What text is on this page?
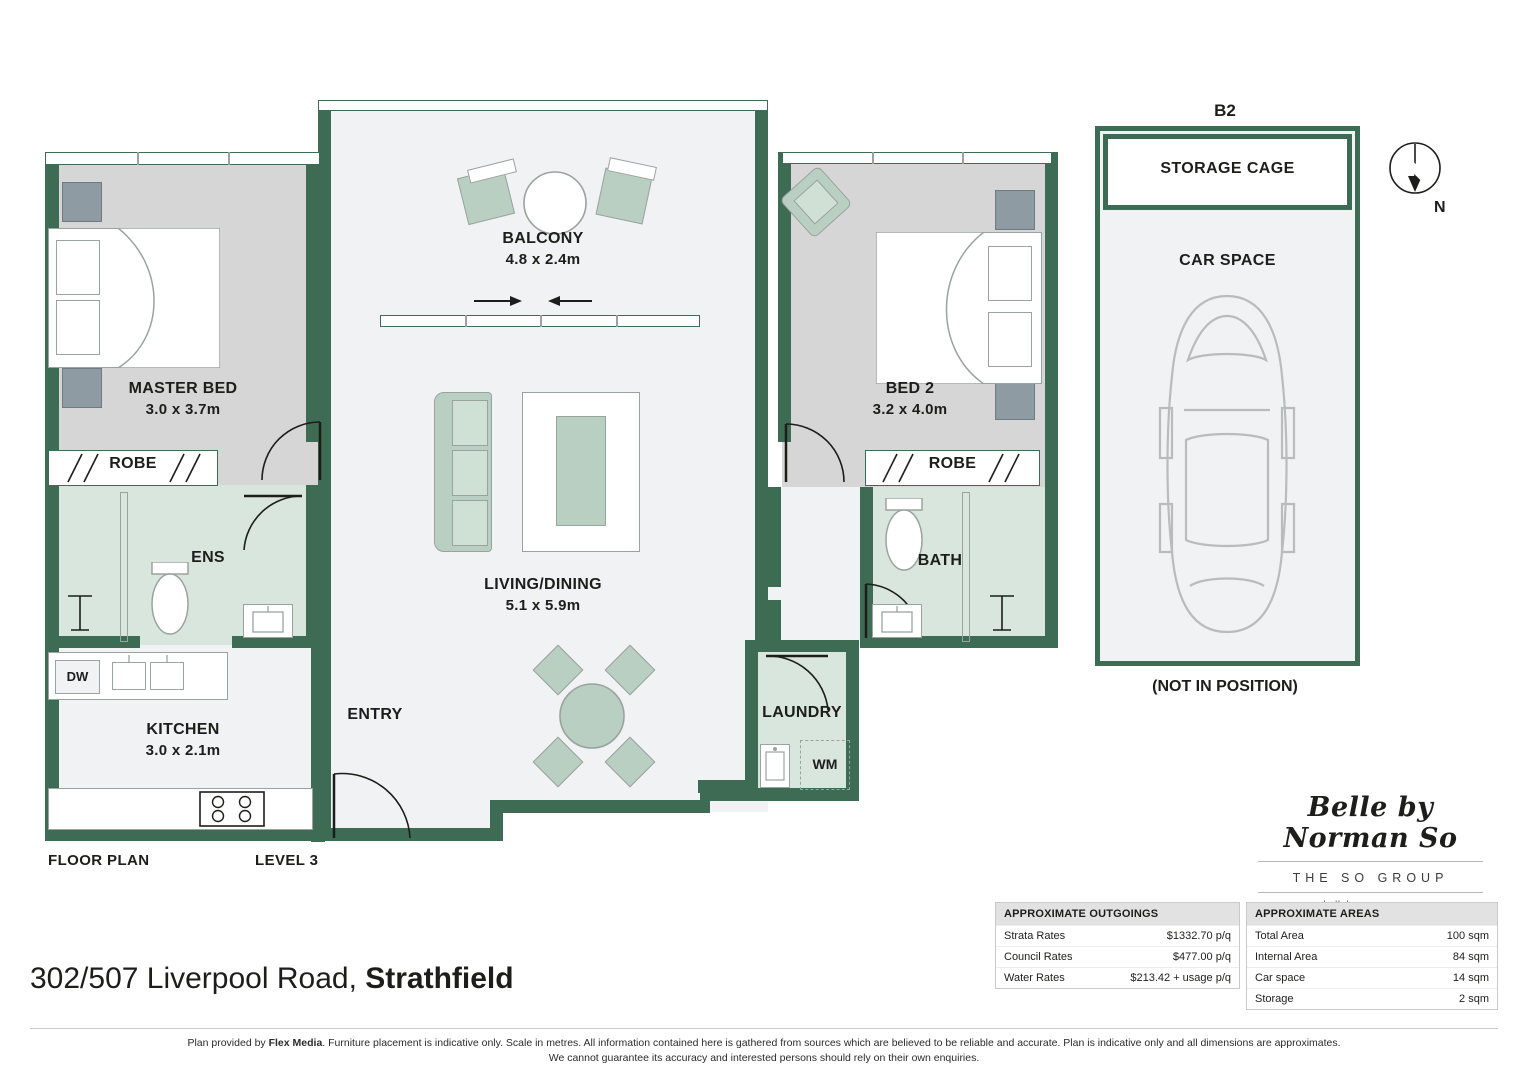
DW
WM
BALCONY
4.8 x 2.4m
MASTER BED
3.0 x 3.7m
ROBE
ENS
KITCHEN
3.0 x 2.1m
LIVING/DINING
5.1 x 5.9m
LAUNDRY
BED 2
3.2 x 4.0m
ROBE
BATH
ENTRY
FLOOR PLAN	LEVEL 3
B2
STORAGE CAGE
CAR SPACE
(NOT IN POSITION)
N
Belle by Norman So
THE SO GROUP
APPROXIMATE OUTGOINGS
Strata Rates	$1332.70 p/q
Council Rates	$477.00 p/q
Water Rates	$213.42 + usage p/q
APPROXIMATE AREAS
Total Area	100 sqm
Internal Area	84 sqm
Car space	14 sqm
Storage	2 sqm
302/507 Liverpool Road, Strathfield
Plan provided by Flex Media. Furniture placement is indicative only. Scale in metres. All information contained here is gathered from sources which are believed to be reliable and accurate. Plan is indicative only and all dimensions are approximates.
We cannot guarantee its accuracy and interested persons should rely on their own enquiries.
